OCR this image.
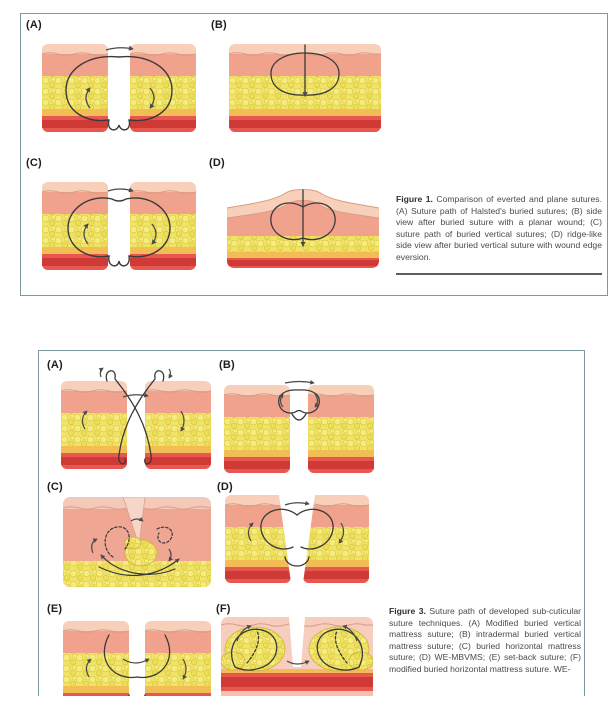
(A)	(B)
(C)	(D)
Figure 1. Comparison of everted and plane sutures. (A) Suture path of Halsted's buried sutures; (B) side view after buried suture with a planar wound; (C) suture path of buried vertical sutures; (D) ridge-like side view after buried vertical suture with wound edge eversion.
(A)	(B)
(C)	(D)
(E)	(F)	Figure 3. Suture path of developed sub-cuticular suture techniques. (A) Modified buried vertical mattress suture; (B) intradermal buried vertical mattress suture; (C) buried horizontal mattress suture; (D) WE-MBVMS; (E) set-back suture; (F) modified buried horizontal mattress suture. WE-
